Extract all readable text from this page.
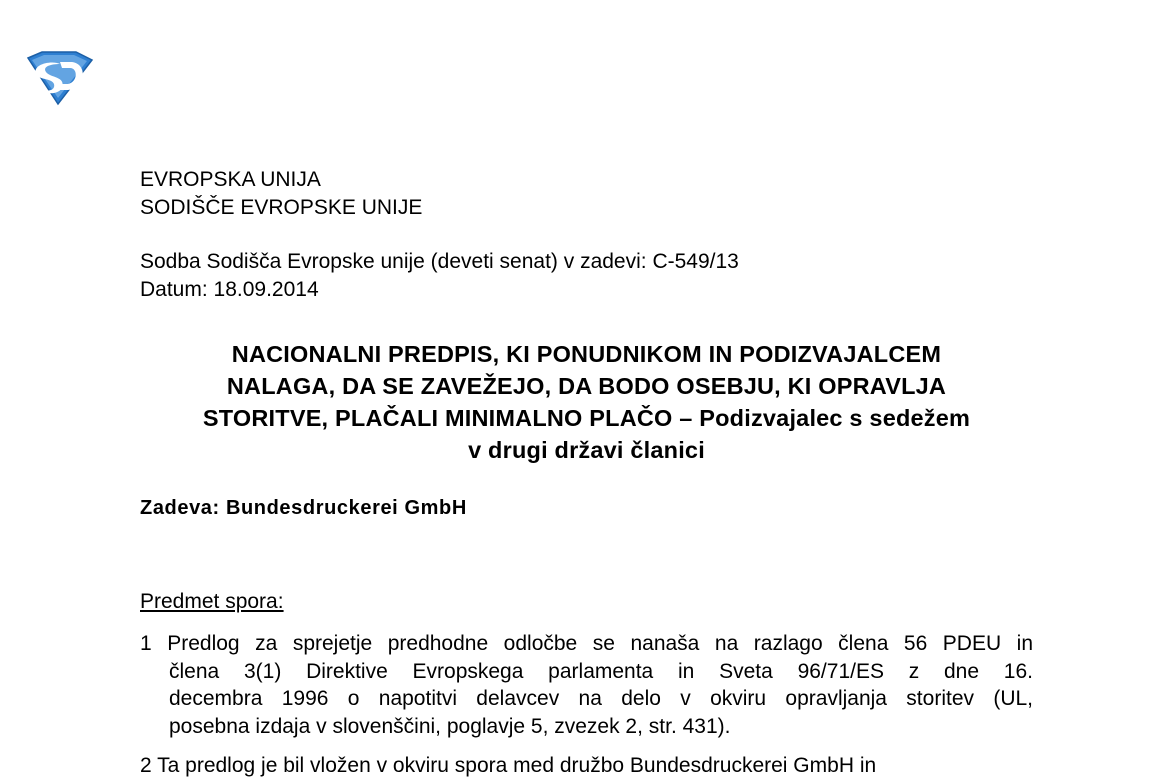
EVROPSKA UNIJA
SODIŠČE EVROPSKE UNIJE
Sodba Sodišča Evropske unije (deveti senat) v zadevi: C-549/13
Datum: 18.09.2014
NACIONALNI PREDPIS, KI PONUDNIKOM IN PODIZVAJALCEM
NALAGA, DA SE ZAVEŽEJO, DA BODO OSEBJU, KI OPRAVLJA
STORITVE, PLAČALI MINIMALNO PLAČO – Podizvajalec s sedežem
v drugi državi članici
Zadeva: Bundesdruckerei GmbH
Predmet spora:
1 Predlog za sprejetje predhodne odločbe se nanaša na razlago člena 56 PDEU in
člena 3(1) Direktive Evropskega parlamenta in Sveta 96/71/ES z dne 16.
decembra 1996 o napotitvi delavcev na delo v okviru opravljanja storitev (UL,
posebna izdaja v slovenščini, poglavje 5, zvezek 2, str. 431).
2 Ta predlog je bil vložen v okviru spora med družbo Bundesdruckerei GmbH in
